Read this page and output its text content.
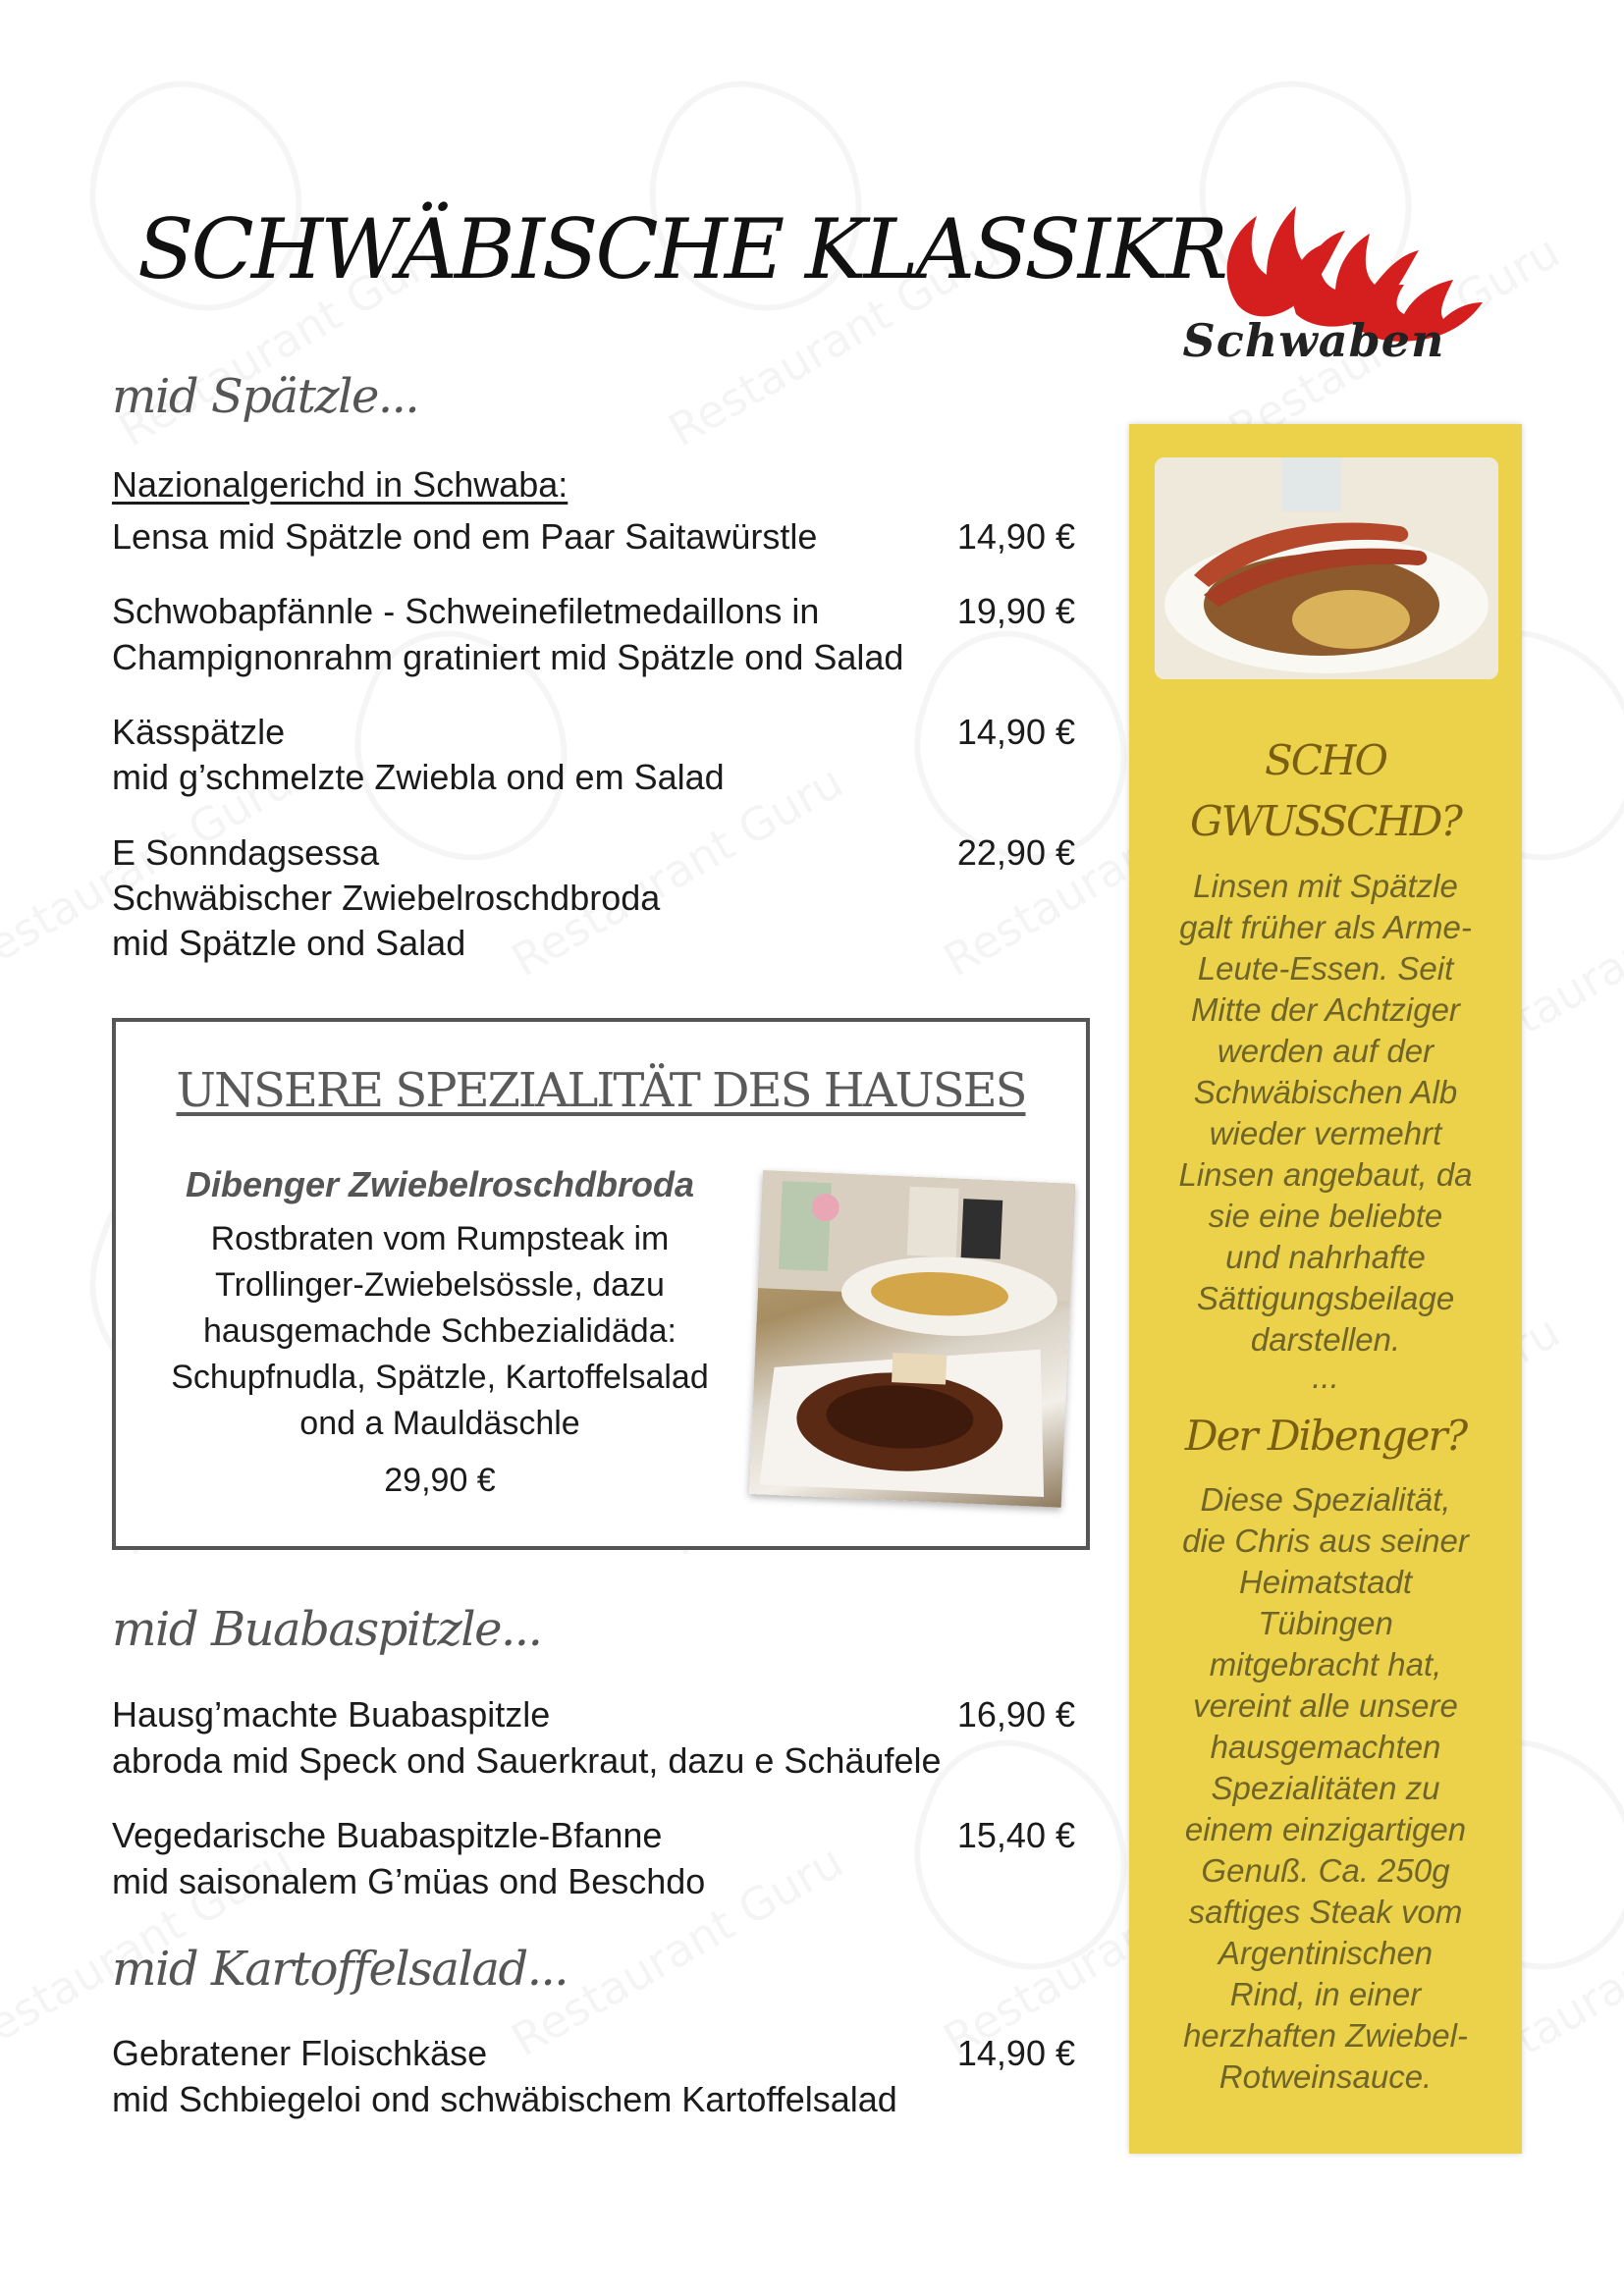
SCHWÄBISCHE KLASSIKR
Schwaben
mid Spätzle...
Nazionalgerichd in Schwaba:
Lensa mid Spätzle ond em Paar Saitawürstle	14,90 €
Schwobapfännle - Schweinefiletmedaillons in
Champignonrahm gratiniert mid Spätzle ond Salad
19,90 €
Kässpätzle
mid g’schmelzte Zwiebla ond em Salad
14,90 €
E Sonndagsessa
Schwäbischer Zwiebelroschdbroda
mid Spätzle ond Salad
22,90 €
UNSERE SPEZIALITÄT DES HAUSES
Dibenger Zwiebelroschdbroda
Rostbraten vom Rumpsteak im
Trollinger-Zwiebelsössle, dazu
hausgemachde Schbezialidäda:
Schupfnudla, Spätzle, Kartoffelsalad
ond a Mauldäschle
29,90 €
mid Buabaspitzle...
Hausg’machte Buabaspitzle
abroda mid Speck ond Sauerkraut, dazu e Schäufele
16,90 €
Vegedarische Buabaspitzle-Bfanne
mid saisonalem G’müas ond Beschdo
15,40 €
mid Kartoffelsalad...
Gebratener Floischkäse
mid Schbiegeloi ond schwäbischem Kartoffelsalad
14,90 €
SCHO
GWUSSCHD?
Linsen mit Spätzle
galt früher als Arme-
Leute-Essen. Seit
Mitte der Achtziger
werden auf der
Schwäbischen Alb
wieder vermehrt
Linsen angebaut, da
sie eine beliebte
und nahrhafte
Sättigungsbeilage
darstellen.
...
Der Dibenger?
Diese Spezialität,
die Chris aus seiner
Heimatstadt
Tübingen
mitgebracht hat,
vereint alle unsere
hausgemachten
Spezialitäten zu
einem einzigartigen
Genuß. Ca. 250g
saftiges Steak vom
Argentinischen
Rind, in einer
herzhaften Zwiebel-
Rotweinsauce.
